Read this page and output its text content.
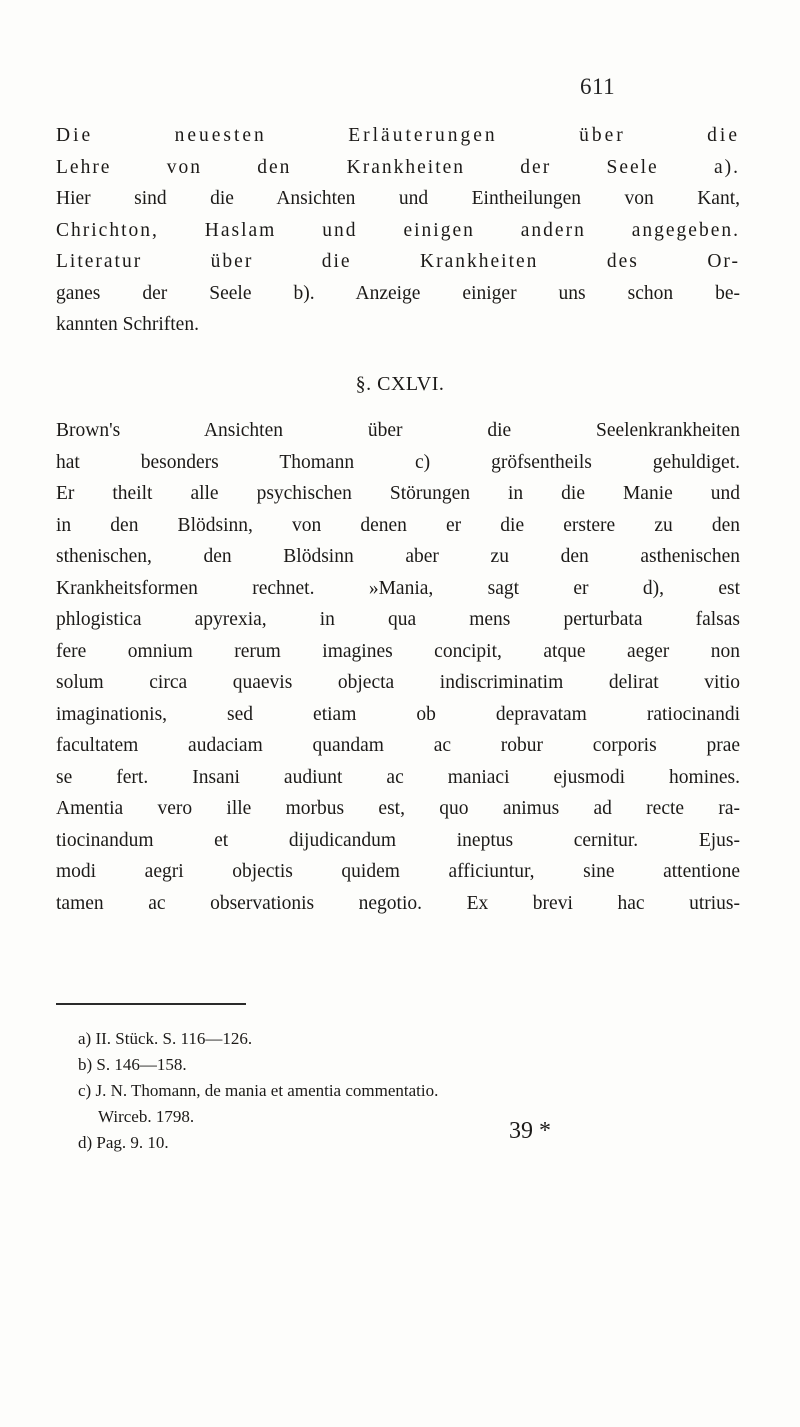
611
Die neuesten Erläuterungen über die
Lehre von den Krankheiten der Seele a).
Hier sind die Ansichten und Eintheilungen von Kant,
Chrichton, Haslam und einigen andern angegeben.
Literatur über die Krankheiten des Or-
ganes der Seele b). Anzeige einiger uns schon be-
kannten Schriften.
§. CXLVI.
Brown's Ansichten über die Seelenkrankheiten
hat besonders Thomann c) gröfsentheils gehuldiget.
Er theilt alle psychischen Störungen in die Manie und
in den Blödsinn, von denen er die erstere zu den
sthenischen, den Blödsinn aber zu den asthenischen
Krankheitsformen rechnet. »Mania, sagt er d), est
phlogistica apyrexia, in qua mens perturbata falsas
fere omnium rerum imagines concipit, atque aeger non
solum circa quaevis objecta indiscriminatim delirat vitio
imaginationis, sed etiam ob depravatam ratiocinandi
facultatem audaciam quandam ac robur corporis prae
se fert. Insani audiunt ac maniaci ejusmodi homines.
Amentia vero ille morbus est, quo animus ad recte ra-
tiocinandum et dijudicandum ineptus cernitur. Ejus-
modi aegri objectis quidem afficiuntur, sine attentione
tamen ac observationis negotio. Ex brevi hac utrius-
a) II. Stück. S. 116—126.
b) S. 146—158.
c) J. N. Thomann, de mania et amentia commentatio.
Wirceb. 1798.
d) Pag. 9. 10.	39 *
